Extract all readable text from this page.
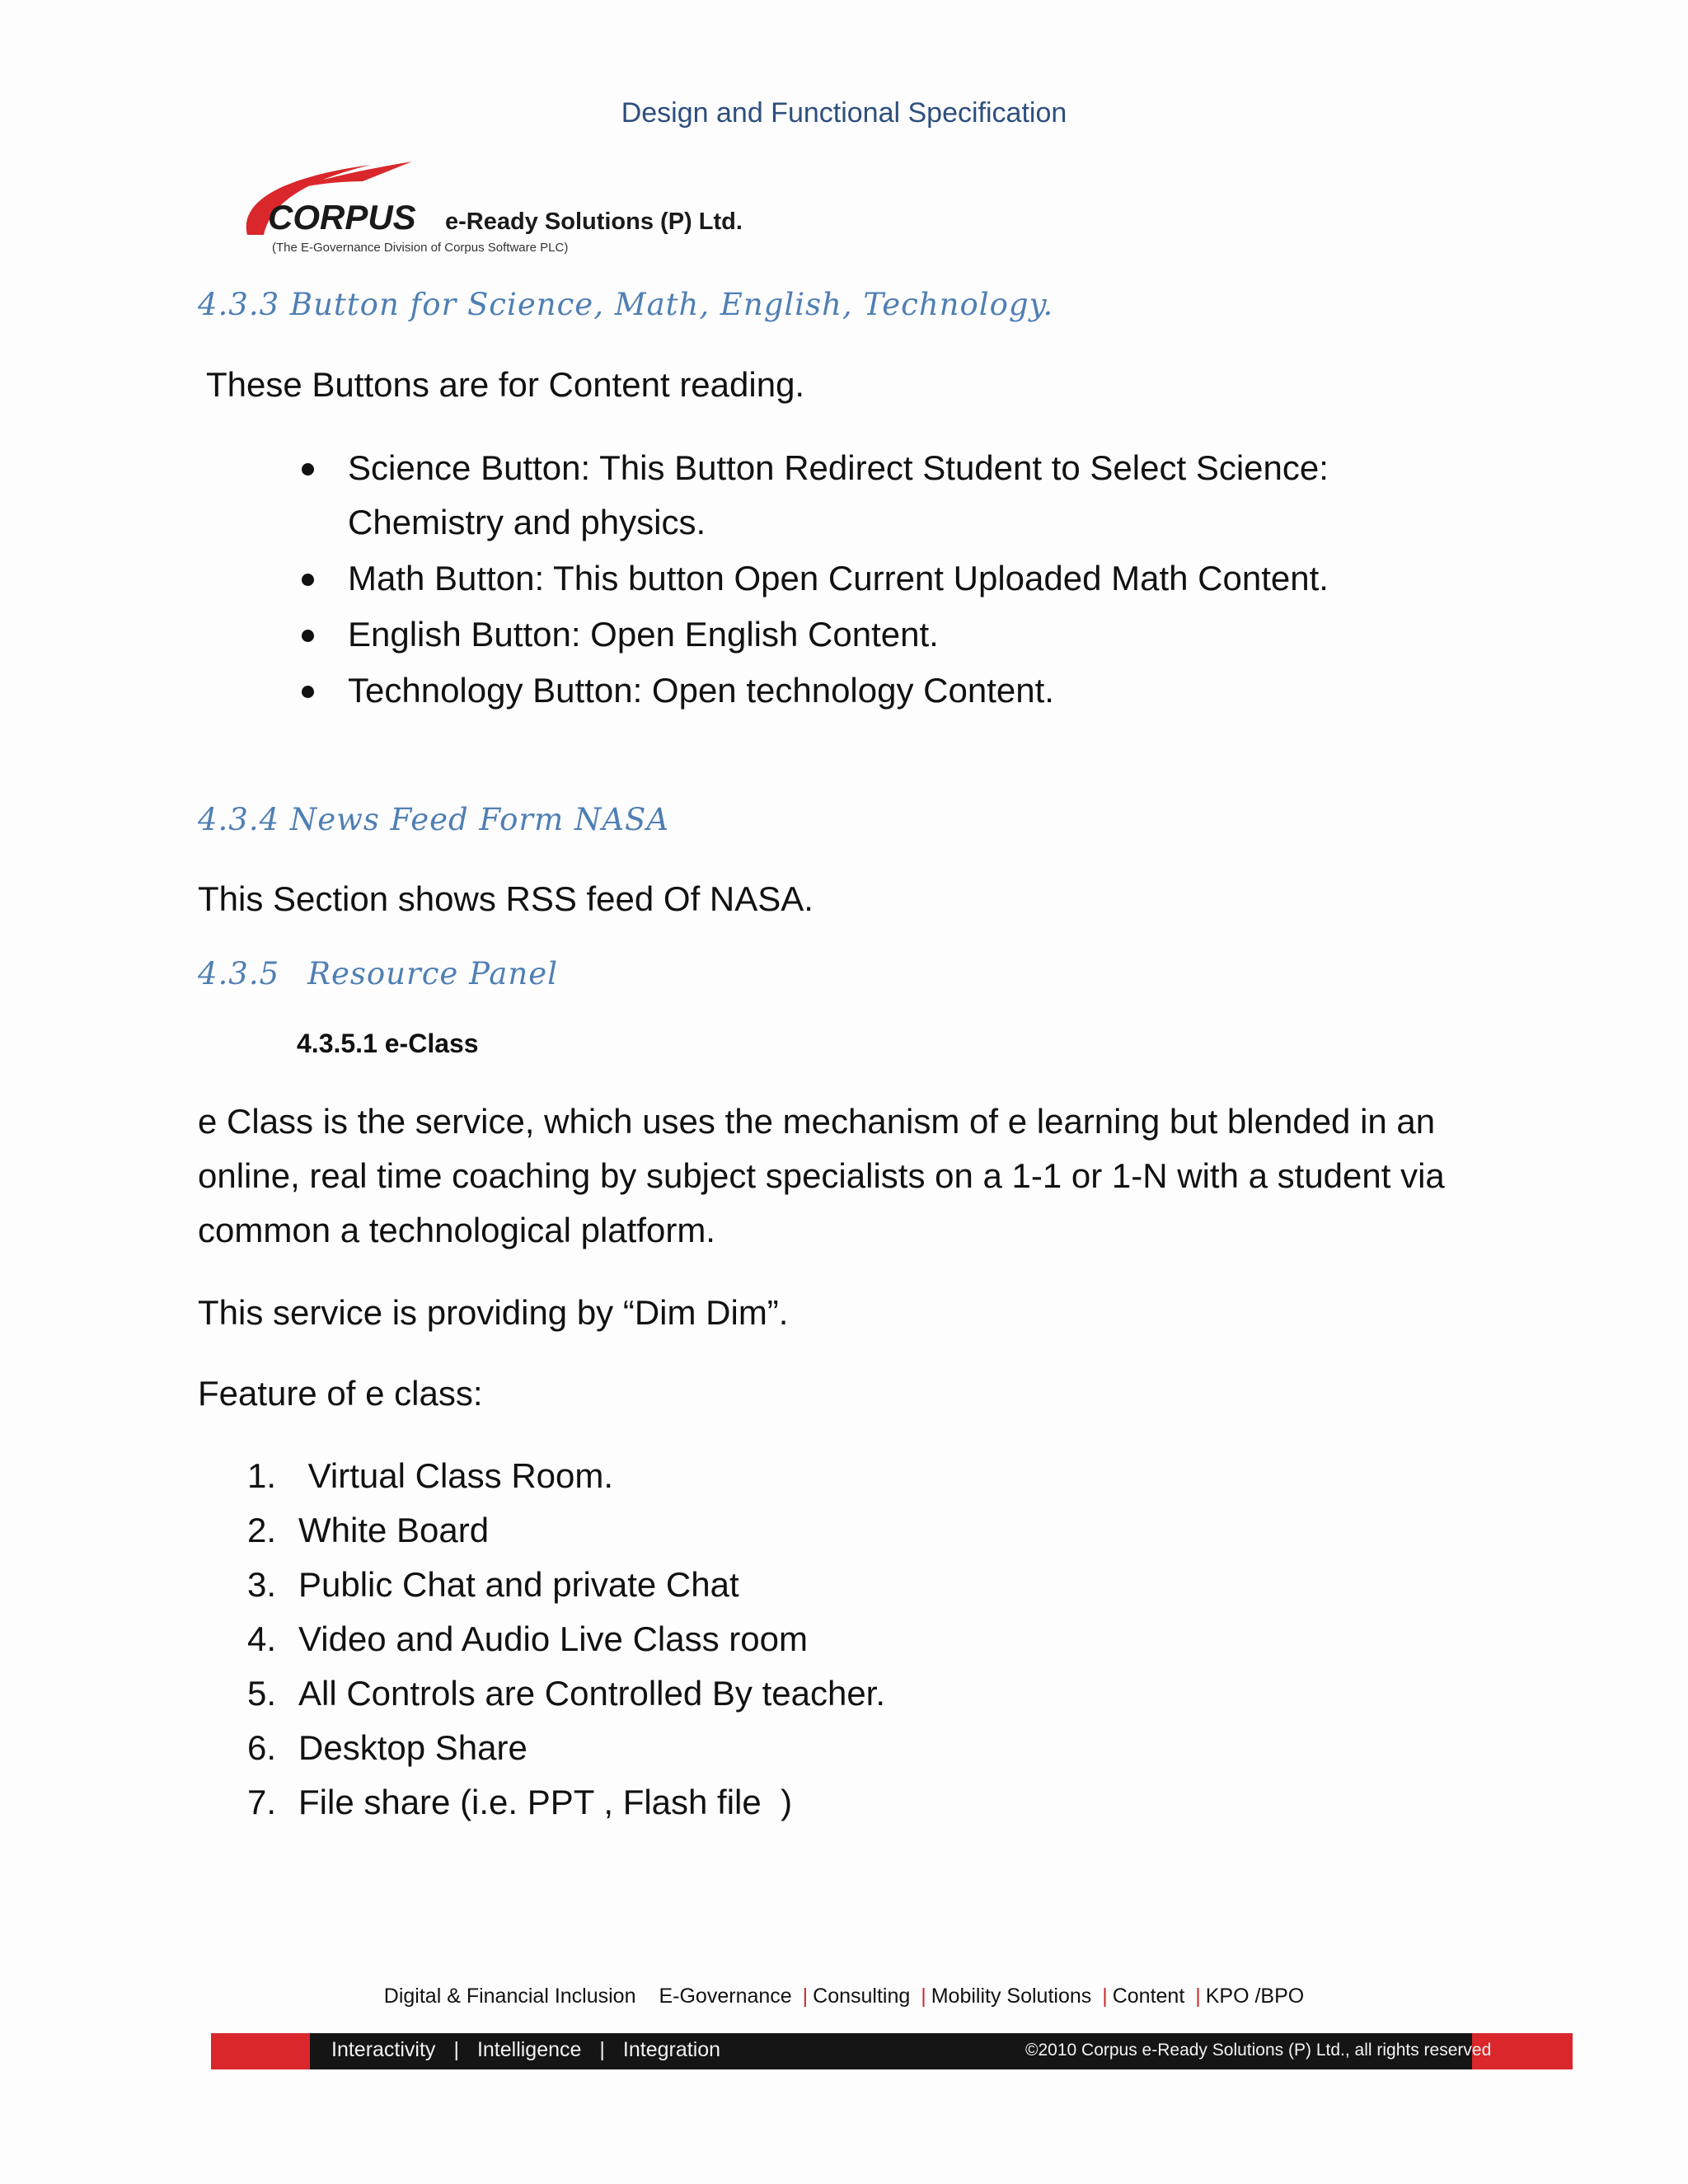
Design and Functional Specification
CORPUS e-Ready Solutions (P) Ltd.
(The E-Governance Division of Corpus Software PLC)
4.3.3 Button for Science, Math, English, Technology.
These Buttons are for Content reading.
Science Button: This Button Redirect Student to Select Science:
Chemistry and physics.
Math Button: This button Open Current Uploaded Math Content.
English Button: Open English Content.
Technology Button: Open technology Content.
4.3.4 News Feed Form NASA
This Section shows RSS feed Of NASA.
4.3.5 Resource Panel
4.3.5.1 e-Class
e Class is the service, which uses the mechanism of e learning but blended in an
online, real time coaching by subject specialists on a 1-1 or 1-N with a student via
common a technological platform.
This service is providing by “Dim Dim”.
Feature of e class:
1. Virtual Class Room.
2. White Board
3. Public Chat and private Chat
4. Video and Audio Live Class room
5. All Controls are Controlled By teacher.
6. Desktop Share
7. File share (i.e. PPT , Flash file  )
Digital & Financial Inclusion E-Governance | Consulting | Mobility Solutions | Content | KPO /BPO
Interactivity | Intelligence | Integration	©2010 Corpus e-Ready Solutions (P) Ltd., all rights reserved
